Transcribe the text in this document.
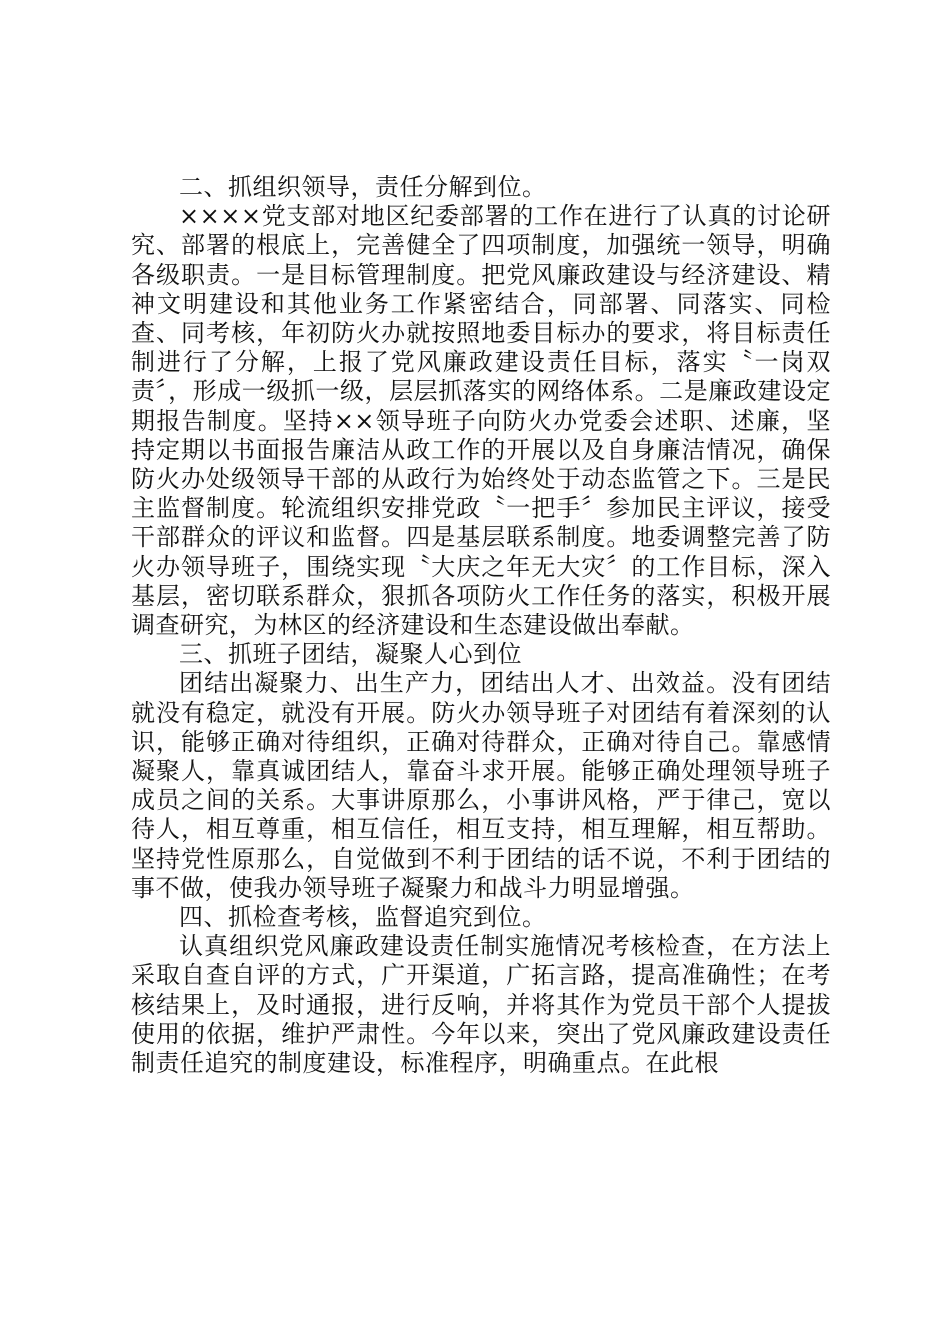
二、抓组织领导，责任分解到位。

××××党支部对地区纪委部署的工作在进行了认真的讨论研究、部署的根底上，完善健全了四项制度，加强统一领导，明确各级职责。一是目标管理制度。把党风廉政建设与经济建设、精神文明建设和其他业务工作紧密结合，同部署、同落实、同检查、同考核，年初防火办就按照地委目标办的要求，将目标责任制进行了分解，上报了党风廉政建设责任目标，落实〝一岗双责〞，形成一级抓一级，层层抓落实的网络体系。二是廉政建设定期报告制度。坚持××领导班子向防火办党委会述职、述廉，坚持定期以书面报告廉洁从政工作的开展以及自身廉洁情况，确保防火办处级领导干部的从政行为始终处于动态监管之下。三是民主监督制度。轮流组织安排党政〝一把手〞参加民主评议，接受干部群众的评议和监督。四是基层联系制度。地委调整完善了防火办领导班子，围绕实现〝大庆之年无大灾〞的工作目标，深入基层，密切联系群众，狠抓各项防火工作任务的落实，积极开展调查研究，为林区的经济建设和生态建设做出奉献。

三、抓班子团结，凝聚人心到位

团结出凝聚力、出生产力，团结出人才、出效益。没有团结就没有稳定，就没有开展。防火办领导班子对团结有着深刻的认识，能够正确对待组织，正确对待群众，正确对待自己。靠感情凝聚人，靠真诚团结人，靠奋斗求开展。能够正确处理领导班子成员之间的关系。大事讲原那么，小事讲风格，严于律己，宽以待人，相互尊重，相互信任，相互支持，相互理解，相互帮助。坚持党性原那么，自觉做到不利于团结的话不说，不利于团结的事不做，使我办领导班子凝聚力和战斗力明显增强。

四、抓检查考核，监督追究到位。

认真组织党风廉政建设责任制实施情况考核检查，在方法上采取自查自评的方式，广开渠道，广拓言路，提高准确性；在考核结果上，及时通报，进行反响，并将其作为党员干部个人提拔使用的依据，维护严肃性。今年以来，突出了党风廉政建设责任制责任追究的制度建设，标准程序，明确重点。在此根
